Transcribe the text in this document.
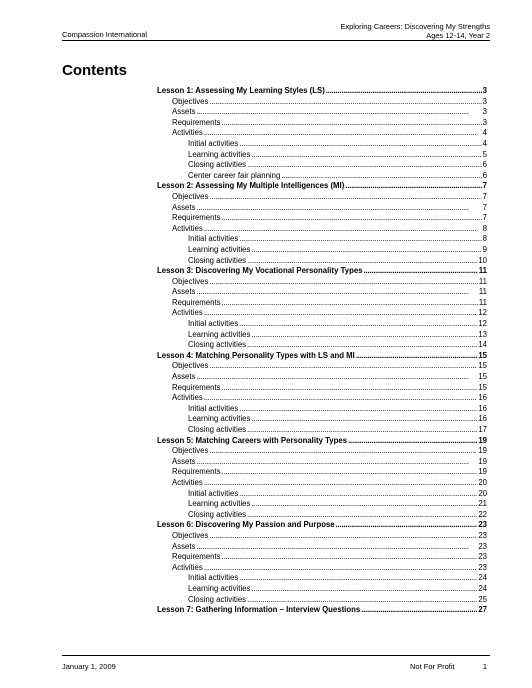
Compassion International
Exploring Careers: Discovering My Strengths
Ages 12-14, Year 2
Contents
Lesson 1: Assessing My Learning Styles (LS) . . .	3
Objectives . . .	3
Assets . . .	3
Requirements . . .	3
Activities . . .	4
Initial activities . . .	4
Learning activities . . .	5
Closing activities . . .	6
Center career fair planning . . .	6
Lesson 2: Assessing My Multiple Intelligences (MI) . . .	7
Objectives . . .	7
Assets . . .	7
Requirements . . .	7
Activities . . .	8
Initial activities . . .	8
Learning activities . . .	9
Closing activities . . .	10
Lesson 3: Discovering My Vocational Personality Types . . .	11
Objectives . . .	11
Assets . . .	11
Requirements . . .	11
Activities . . .	12
Initial activities . . .	12
Learning activities . . .	13
Closing activities . . .	14
Lesson 4: Matching Personality Types with LS and MI . . .	15
Objectives . . .	15
Assets . . .	15
Requirements . . .	15
Activities . . .	16
Initial activities . . .	16
Learning activities . . .	16
Closing activities . . .	17
Lesson 5: Matching Careers with Personality Types . . .	19
Objectives . . .	19
Assets . . .	19
Requirements . . .	19
Activities . . .	20
Initial activities . . .	20
Learning activities . . .	21
Closing activities . . .	22
Lesson 6: Discovering My Passion and Purpose . . .	23
Objectives . . .	23
Assets . . .	23
Requirements . . .	23
Activities . . .	23
Initial activities . . .	24
Learning activities . . .	24
Closing activities . . .	25
Lesson 7: Gathering Information – Interview Questions . . .	27
January 1, 2009	Not For Profit	1
